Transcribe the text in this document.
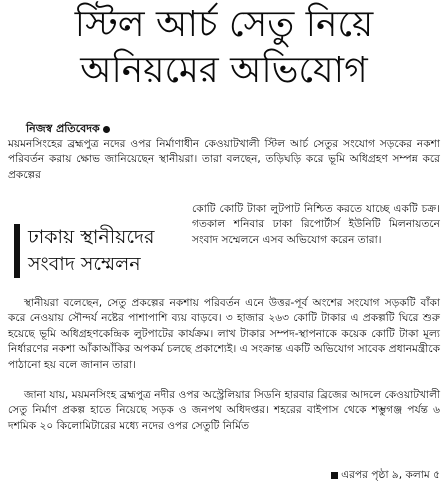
স্টিল আর্চ সেতু নিয়ে
অনিয়মের অভিযোগ
নিজস্ব প্রতিবেদক

ময়মনসিংহের ব্রহ্মপুত্র নদের ওপর নির্মাণাধীন কেওয়াটখালী স্টিল আর্চ সেতুর সংযোগ সড়কের নকশা পরিবর্তন করায় ক্ষোভ জানিয়েছেন স্থানীয়রা। তারা বলছেন, তড়িঘড়ি করে ভূমি অধিগ্রহণ সম্পন্ন করে প্রকল্পের

ঢাকায় স্থানীয়দের
সংবাদ সম্মেলন

কোটি কোটি টাকা লুটপাট নিশ্চিত করতে যাচ্ছে একটি চক্র। গতকাল শনিবার ঢাকা রিপোর্টার্স ইউনিটি মিলনায়তনে সংবাদ সম্মেলনে এসব অভিযোগ করেন তারা।

স্থানীয়রা বলেছেন, সেতু প্রকল্পের নকশায় পরিবর্তন এনে উত্তর-পূর্ব অংশের সংযোগ সড়কটি বাঁকা করে নেওয়ায় সৌন্দর্য নষ্টের পাশাপাশি ব্যয় বাড়বে। ৩ হাজার ২৬৩ কোটি টাকার এ প্রকল্পটি ঘিরে শুরু হয়েছে ভূমি অধিগ্রহণকেন্দ্রিক লুটপাটের কার্যক্রম। লাখ টাকার সম্পদ-স্থাপনাকে কয়েক কোটি টাকা মূল্য নির্ধারণের নকশা আঁকাআঁকির অপকর্ম চলছে প্রকাশ্যেই। এ সংক্রান্ত একটি অভিযোগ সাবেক প্রধানমন্ত্রীকে পাঠানো হয় বলে জানান তারা।

জানা যায়, ময়মনসিংহ ব্রহ্মপুত্র নদীর ওপর অস্ট্রেলিয়ার সিডনি হারবার ব্রিজের আদলে কেওয়াটখালী সেতু নির্মাণ প্রকল্প হাতে নিয়েছে সড়ক ও জনপথ অধিদপ্তর। শহরের বাইপাস থেকে শম্ভুগঞ্জ পর্যন্ত ৬ দশমিক ২০ কিলোমিটারের মধ্যে নদের ওপর সেতুটি নির্মিত

এরপর পৃষ্ঠা ৯, কলাম ৫
